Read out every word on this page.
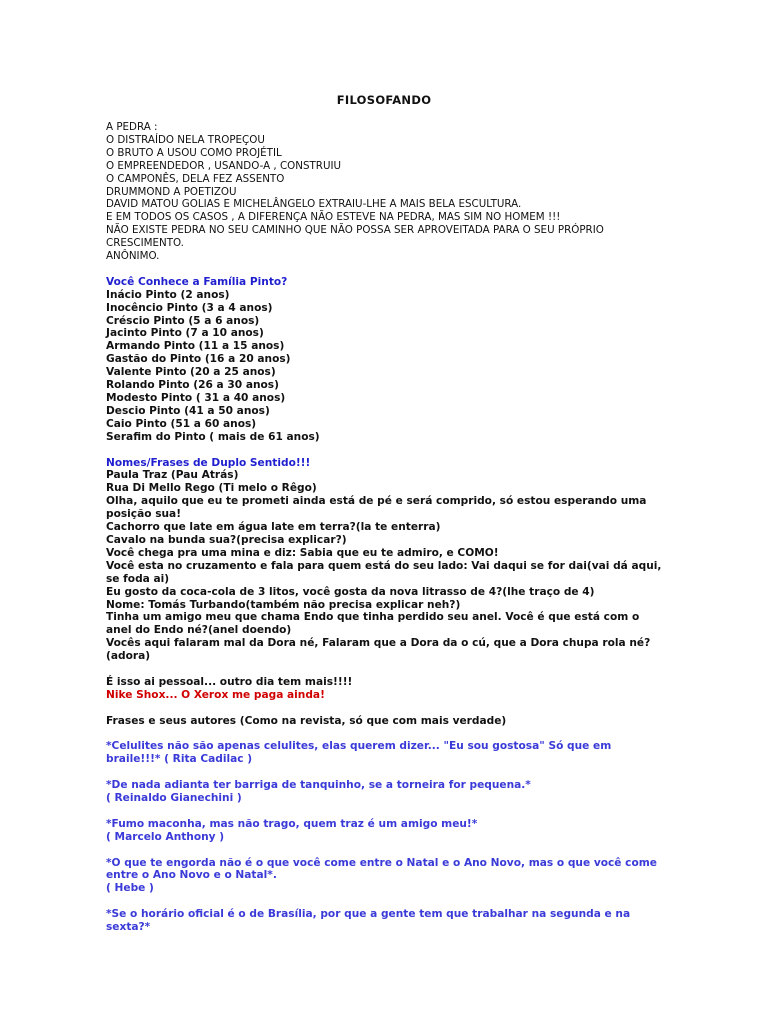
FILOSOFANDO
A PEDRA :
O DISTRAÍDO NELA TROPEÇOU
O BRUTO A USOU COMO PROJÉTIL
O EMPREENDEDOR , USANDO-A , CONSTRUIU
O CAMPONÊS, DELA FEZ ASSENTO
DRUMMOND A POETIZOU
DAVID MATOU GOLIAS E MICHELÂNGELO EXTRAIU-LHE A MAIS BELA ESCULTURA.
E EM TODOS OS CASOS , A DIFERENÇA NÃO ESTEVE NA PEDRA, MAS SIM NO HOMEM !!!
NÃO EXISTE PEDRA NO SEU CAMINHO QUE NÃO POSSA SER APROVEITADA PARA O SEU PRÓPRIO CRESCIMENTO.
ANÔNIMO.
Você Conhece a Família Pinto?
Inácio Pinto (2 anos)
Inocêncio Pinto (3 a 4 anos)
Créscio Pinto (5 a 6 anos)
Jacinto Pinto (7 a 10 anos)
Armando Pinto (11 a 15 anos)
Gastão do Pinto (16 a 20 anos)
Valente Pinto (20 a 25 anos)
Rolando Pinto (26 a 30 anos)
Modesto Pinto ( 31 a 40 anos)
Descio Pinto (41 a 50 anos)
Caio Pinto (51 a 60 anos)
Serafim do Pinto ( mais de 61 anos)
Nomes/Frases de Duplo Sentido!!!
Paula Traz (Pau Atrás)
Rua Di Mello Rego (Ti melo o Rêgo)
Olha, aquilo que eu te prometi ainda está de pé e será comprido, só estou esperando uma posição sua!
Cachorro que late em água late em terra?(la te enterra)
Cavalo na bunda sua?(precisa explicar?)
Você chega pra uma mina e diz: Sabia que eu te admiro, e COMO!
Você esta no cruzamento e fala para quem está do seu lado: Vai daqui se for dai(vai dá aqui, se foda ai)
Eu gosto da coca-cola de 3 litos, você gosta da nova litrasso de 4?(lhe traço de 4)
Nome: Tomás Turbando(também não precisa explicar neh?)
Tinha um amigo meu que chama Endo que tinha perdido seu anel. Você é que está com o anel do Endo né?(anel doendo)
Vocês aqui falaram mal da Dora né, Falaram que a Dora da o cú, que a Dora chupa rola né?(adora)
É isso ai pessoal... outro dia tem mais!!!!
Nike Shox... O Xerox me paga ainda!
Frases e seus autores (Como na revista, só que com mais verdade)
*Celulites não são apenas celulites, elas querem dizer... "Eu sou gostosa" Só que em braile!!!* ( Rita Cadilac )
*De nada adianta ter barriga de tanquinho, se a torneira for pequena.*
( Reinaldo Gianechini )
*Fumo maconha, mas não trago, quem traz é um amigo meu!*
( Marcelo Anthony )
*O que te engorda não é o que você come entre o Natal e o Ano Novo, mas o que você come entre o Ano Novo e o Natal*.
( Hebe )
*Se o horário oficial é o de Brasília, por que a gente tem que trabalhar na segunda e na sexta?*
